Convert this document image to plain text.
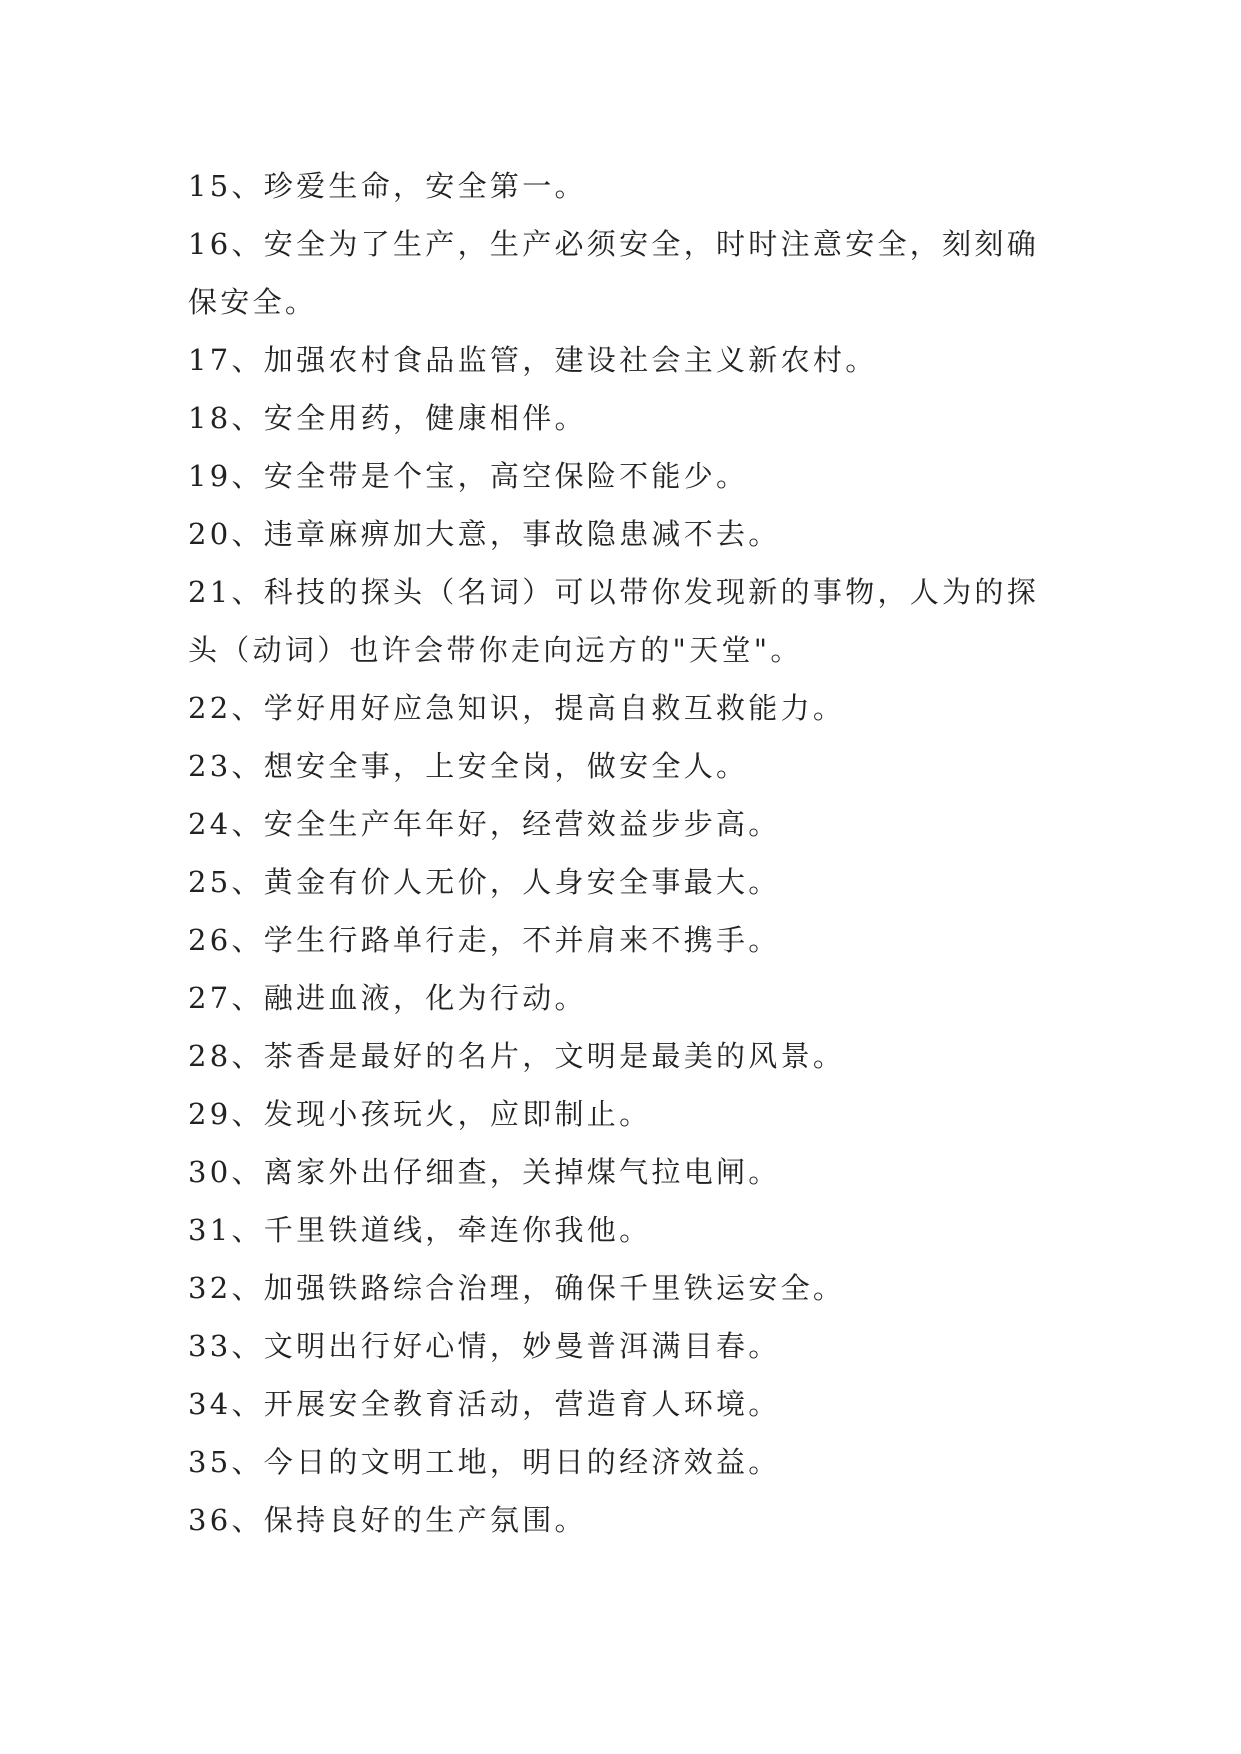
15、珍爱生命，安全第一。
16、安全为了生产，生产必须安全，时时注意安全，刻刻确
保安全。
17、加强农村食品监管，建设社会主义新农村。
18、安全用药，健康相伴。
19、安全带是个宝，高空保险不能少。
20、违章麻痹加大意，事故隐患减不去。
21、科技的探头（名词）可以带你发现新的事物，人为的探
头（动词）也许会带你走向远方的"天堂"。
22、学好用好应急知识，提高自救互救能力。
23、想安全事，上安全岗，做安全人。
24、安全生产年年好，经营效益步步高。
25、黄金有价人无价，人身安全事最大。
26、学生行路单行走，不并肩来不携手。
27、融进血液，化为行动。
28、茶香是最好的名片，文明是最美的风景。
29、发现小孩玩火，应即制止。
30、离家外出仔细查，关掉煤气拉电闸。
31、千里铁道线，牵连你我他。
32、加强铁路综合治理，确保千里铁运安全。
33、文明出行好心情，妙曼普洱满目春。
34、开展安全教育活动，营造育人环境。
35、今日的文明工地，明日的经济效益。
36、保持良好的生产氛围。
